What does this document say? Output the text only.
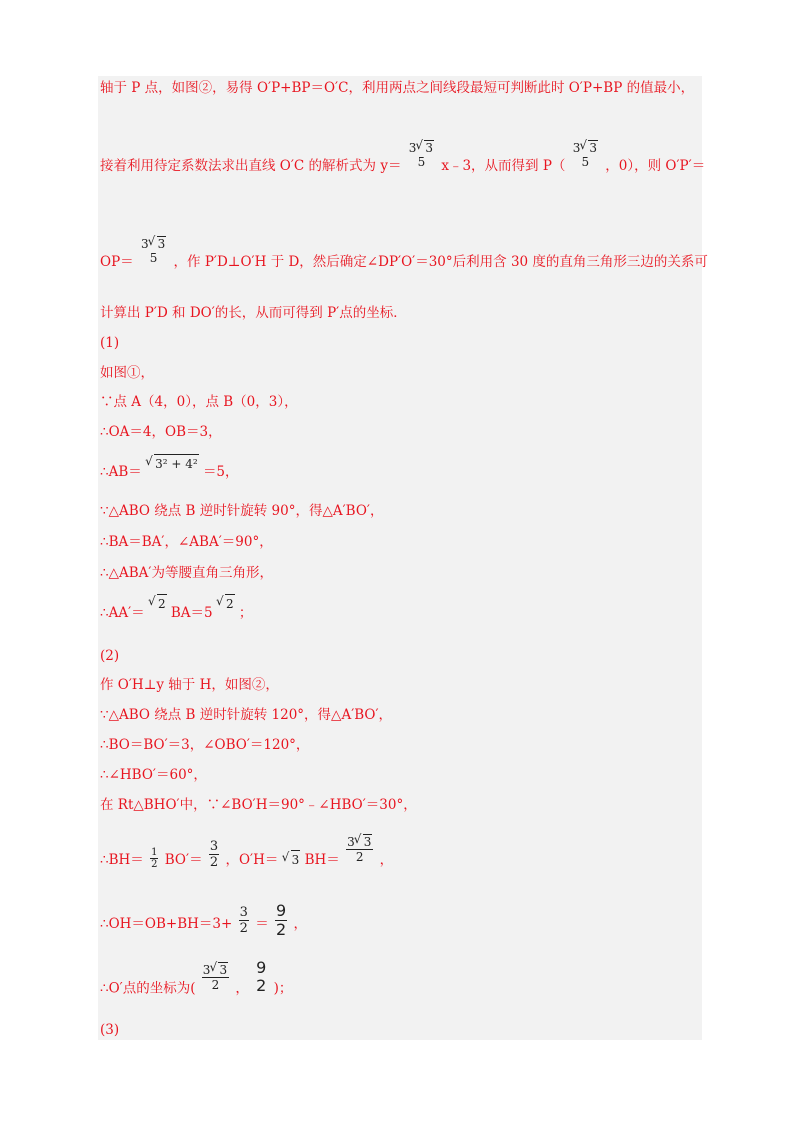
轴于 P 点，如图②，易得 O′P+BP＝O′C，利用两点之间线段最短可判断此时 O′P+BP 的值最小，
接着利用待定系数法求出直线 O′C 的解析式为 y＝
3 √ 3
5	x﹣3，从而得到 P（
3 √ 3
5	，0），则 O′P′＝
OP＝
3 √ 3
5	，作 P′D⊥O′H 于 D，然后确定∠DP′O′＝30°后利用含 30 度的直角三角形三边的关系可
计算出 P′D 和 DO′的长，从而可得到 P′点的坐标．
(1)
如图①，
∵点 A（4，0），点 B（0，3），
∴OA＝4，OB＝3，
∴AB＝ √ 3² + 4² ＝5，
∵△ABO 绕点 B 逆时针旋转 90°，得△A′BO′，
∴BA＝BA′，∠ABA′＝90°，
∴△ABA′为等腰直角三角形，
∴AA′＝ √ 2 BA＝5 √ 2 ；
(2)
作 O′H⊥y 轴于 H，如图②，
∵△ABO 绕点 B 逆时针旋转 120°，得△A′BO′，
∴BO＝BO′＝3，∠OBO′＝120°，
∴∠HBO′＝60°，
在 Rt△BHO′中，∵∠BO′H＝90°﹣∠HBO′＝30°，
∴BH＝ $\frac{1}{2} BO'= \frac{3}{2}$ ，O′H＝ √ 3 $BH= \frac{3 √ 3}{2}$ ，
∴OH＝OB+BH＝3+ $\frac{3}{2} = \frac{9}{2}$ ，
∴O′点的坐标为( $\frac{3 √ 3}{2}$ ，
9
2 )；
(3)
